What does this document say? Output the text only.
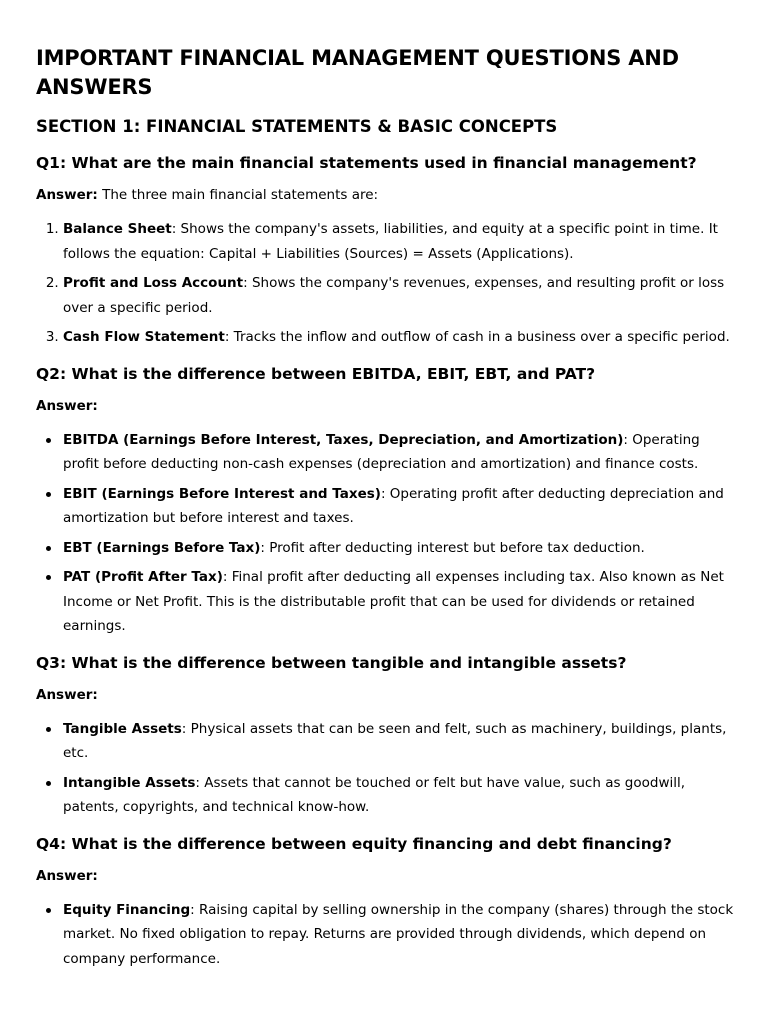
IMPORTANT FINANCIAL MANAGEMENT QUESTIONS AND ANSWERS
SECTION 1: FINANCIAL STATEMENTS & BASIC CONCEPTS
Q1: What are the main financial statements used in financial management?

Answer: The three main financial statements are:

1. Balance Sheet: Shows the company's assets, liabilities, and equity at a specific point in time. It follows the equation: Capital + Liabilities (Sources) = Assets (Applications).
2. Profit and Loss Account: Shows the company's revenues, expenses, and resulting profit or loss over a specific period.
3. Cash Flow Statement: Tracks the inflow and outflow of cash in a business over a specific period.
Q2: What is the difference between EBITDA, EBIT, EBT, and PAT?

Answer:

EBITDA (Earnings Before Interest, Taxes, Depreciation, and Amortization): Operating profit before deducting non-cash expenses (depreciation and amortization) and finance costs.
EBIT (Earnings Before Interest and Taxes): Operating profit after deducting depreciation and amortization but before interest and taxes.
EBT (Earnings Before Tax): Profit after deducting interest but before tax deduction.
PAT (Profit After Tax): Final profit after deducting all expenses including tax. Also known as Net Income or Net Profit. This is the distributable profit that can be used for dividends or retained earnings.
Q3: What is the difference between tangible and intangible assets?

Answer:

Tangible Assets: Physical assets that can be seen and felt, such as machinery, buildings, plants, etc.
Intangible Assets: Assets that cannot be touched or felt but have value, such as goodwill, patents, copyrights, and technical know-how.
Q4: What is the difference between equity financing and debt financing?

Answer:

Equity Financing: Raising capital by selling ownership in the company (shares) through the stock market. No fixed obligation to repay. Returns are provided through dividends, which depend on company performance.
